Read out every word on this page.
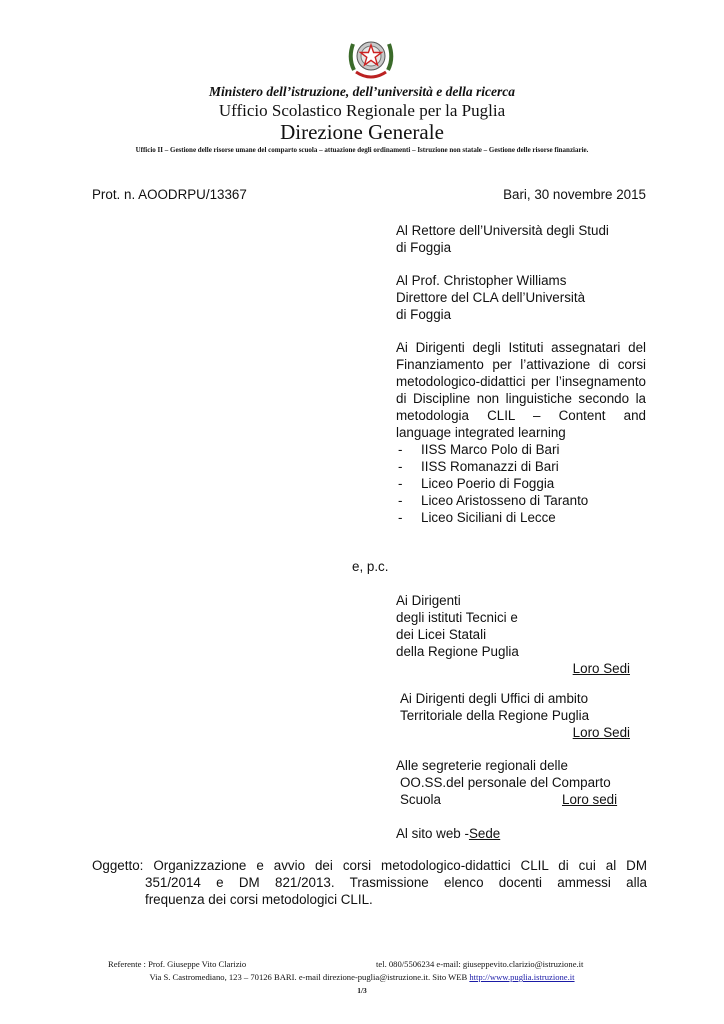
Ministero dell’istruzione, dell’università e della ricerca
Ufficio Scolastico Regionale per la Puglia
Direzione Generale
Ufficio II – Gestione delle risorse umane del comparto scuola – attuazione degli ordinamenti – Istruzione non statale – Gestione delle risorse finanziarie.
Prot. n. AOODRPU/13367	Bari, 30 novembre 2015
Al Rettore dell’Università degli Studi
di Foggia
Al Prof. Christopher Williams
Direttore del CLA dell’Università
di Foggia
Ai Dirigenti degli Istituti assegnatari del Finanziamento per l’attivazione di corsi metodologico-didattici per l’insegnamento di Discipline non linguistiche secondo la metodologia CLIL – Content and language integrated learning
- IISS Marco Polo di Bari
- IISS Romanazzi di Bari
- Liceo Poerio di Foggia
- Liceo Aristosseno di Taranto
- Liceo Siciliani di Lecce
e, p.c.
Ai Dirigenti
degli istituti Tecnici e
dei Licei Statali
della Regione Puglia
Loro Sedi
Ai Dirigenti degli Uffici di ambito
Territoriale della Regione Puglia
Loro Sedi
Alle segreterie regionali delle
OO.SS.del personale del Comparto
Scuola	Loro sedi
Al sito web -Sede
Oggetto: Organizzazione e avvio dei corsi metodologico-didattici CLIL di cui al DM
351/2014 e DM 821/2013. Trasmissione elenco docenti ammessi alla
frequenza dei corsi metodologici CLIL.
Referente : Prof. Giuseppe Vito Clarizio	tel. 080/5506234 e-mail: giuseppevito.clarizio@istruzione.it
Via S. Castromediano, 123 – 70126 BARI. e-mail direzione-puglia@istruzione.it. Sito WEB http://www.puglia.istruzione.it
1/3
